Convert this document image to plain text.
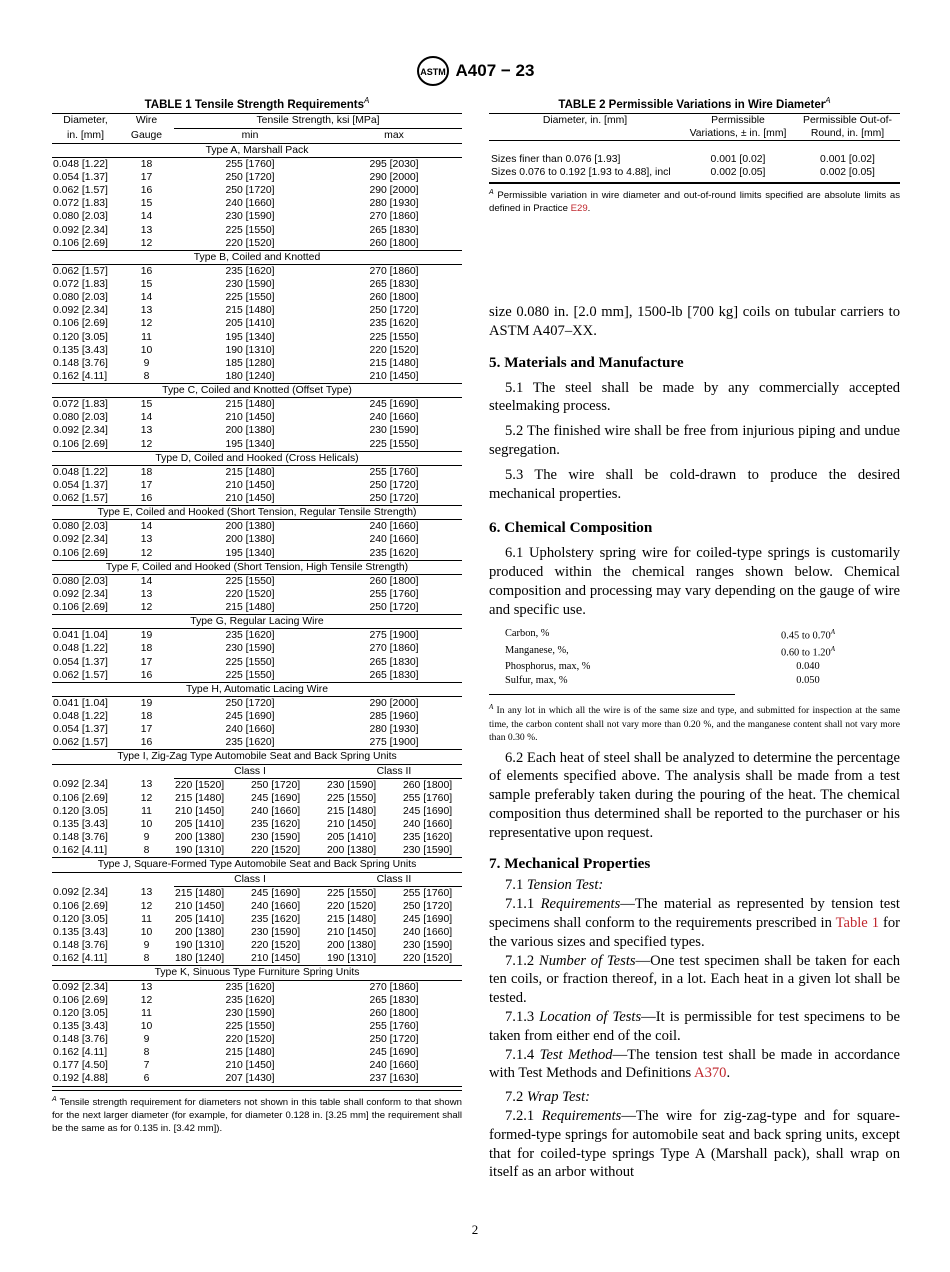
ASTM A407 − 23
TABLE 1 Tensile Strength Requirements$^A$
Diameter,	Wire	Tensile Strength, ksi [MPa]			
in. [mm]	Gauge	min		max	
Type A, Marshall Pack					
0.048 [1.22]	18	255 [1760]		295 [2030]	
0.054 [1.37]	17	250 [1720]		290 [2000]	
0.062 [1.57]	16	250 [1720]		290 [2000]	
0.072 [1.83]	15	240 [1660]		280 [1930]	
0.080 [2.03]	14	230 [1590]		270 [1860]	
0.092 [2.34]	13	225 [1550]		265 [1830]	
0.106 [2.69]	12	220 [1520]		260 [1800]	
Type B, Coiled and Knotted					
0.062 [1.57]	16	235 [1620]		270 [1860]	
0.072 [1.83]	15	230 [1590]		265 [1830]	
0.080 [2.03]	14	225 [1550]		260 [1800]	
0.092 [2.34]	13	215 [1480]		250 [1720]	
0.106 [2.69]	12	205 [1410]		235 [1620]	
0.120 [3.05]	11	195 [1340]		225 [1550]	
0.135 [3.43]	10	190 [1310]		220 [1520]	
0.148 [3.76]	9	185 [1280]		215 [1480]	
0.162 [4.11]	8	180 [1240]		210 [1450]	
Type C, Coiled and Knotted (Offset Type)					
0.072 [1.83]	15	215 [1480]		245 [1690]	
0.080 [2.03]	14	210 [1450]		240 [1660]	
0.092 [2.34]	13	200 [1380]		230 [1590]	
0.106 [2.69]	12	195 [1340]		225 [1550]	
Type D, Coiled and Hooked (Cross Helicals)					
0.048 [1.22]	18	215 [1480]		255 [1760]	
0.054 [1.37]	17	210 [1450]		250 [1720]	
0.062 [1.57]	16	210 [1450]		250 [1720]	
Type E, Coiled and Hooked (Short Tension, Regular Tensile Strength)					
0.080 [2.03]	14	200 [1380]		240 [1660]	
0.092 [2.34]	13	200 [1380]		240 [1660]	
0.106 [2.69]	12	195 [1340]		235 [1620]	
Type F, Coiled and Hooked (Short Tension, High Tensile Strength)					
0.080 [2.03]	14	225 [1550]		260 [1800]	
0.092 [2.34]	13	220 [1520]		255 [1760]	
0.106 [2.69]	12	215 [1480]		250 [1720]	
Type G, Regular Lacing Wire					
0.041 [1.04]	19	235 [1620]		275 [1900]	
0.048 [1.22]	18	230 [1590]		270 [1860]	
0.054 [1.37]	17	225 [1550]		265 [1830]	
0.062 [1.57]	16	225 [1550]		265 [1830]	
Type H, Automatic Lacing Wire					
0.041 [1.04]	19	250 [1720]		290 [2000]	
0.048 [1.22]	18	245 [1690]		285 [1960]	
0.054 [1.37]	17	240 [1660]		280 [1930]	
0.062 [1.57]	16	235 [1620]		275 [1900]	
Type I, Zig-Zag Type Automobile Seat and Back Spring Units					
		Class I		Class II	
0.092 [2.34]	13	220 [1520]	250 [1720]	230 [1590]	260 [1800]
0.106 [2.69]	12	215 [1480]	245 [1690]	225 [1550]	255 [1760]
0.120 [3.05]	11	210 [1450]	240 [1660]	215 [1480]	245 [1690]
0.135 [3.43]	10	205 [1410]	235 [1620]	210 [1450]	240 [1660]
0.148 [3.76]	9	200 [1380]	230 [1590]	205 [1410]	235 [1620]
0.162 [4.11]	8	190 [1310]	220 [1520]	200 [1380]	230 [1590]
Type J, Square-Formed Type Automobile Seat and Back Spring Units					
		Class I		Class II	
0.092 [2.34]	13	215 [1480]	245 [1690]	225 [1550]	255 [1760]
0.106 [2.69]	12	210 [1450]	240 [1660]	220 [1520]	250 [1720]
0.120 [3.05]	11	205 [1410]	235 [1620]	215 [1480]	245 [1690]
0.135 [3.43]	10	200 [1380]	230 [1590]	210 [1450]	240 [1660]
0.148 [3.76]	9	190 [1310]	220 [1520]	200 [1380]	230 [1590]
0.162 [4.11]	8	180 [1240]	210 [1450]	190 [1310]	220 [1520]
Type K, Sinuous Type Furniture Spring Units					
0.092 [2.34]	13	235 [1620]		270 [1860]	
0.106 [2.69]	12	235 [1620]		265 [1830]	
0.120 [3.05]	11	230 [1590]		260 [1800]	
0.135 [3.43]	10	225 [1550]		255 [1760]	
0.148 [3.76]	9	220 [1520]		250 [1720]	
0.162 [4.11]	8	215 [1480]		245 [1690]	
0.177 [4.50]	7	210 [1450]		240 [1660]	
0.192 [4.88]	6	207 [1430]		237 [1630]	
$^A$ Tensile strength requirement for diameters not shown in this table shall conform to that shown for the next larger diameter (for example, for diameter 0.128 in. [3.25 mm] the requirement shall be the same as for 0.135 in. [3.42 mm]).
TABLE 2 Permissible Variations in Wire Diameter$^A$
Diameter, in. [mm]	Permissible
Variations, ± in. [mm]	Permissible Out-of-
Round, in. [mm]

Sizes finer than 0.076 [1.93]	0.001 [0.02]	0.001 [0.02]
Sizes 0.076 to 0.192 [1.93 to 4.88], incl	0.002 [0.05]	0.002 [0.05]
$^A$ Permissible variation in wire diameter and out-of-round limits specified are absolute limits as defined in Practice E29.

size 0.080 in. [2.0 mm], 1500-lb [700 kg] coils on tubular carriers to ASTM A407–XX.

5. Materials and Manufacture

5.1 The steel shall be made by any commercially accepted steelmaking process.

5.2 The finished wire shall be free from injurious piping and undue segregation.

5.3 The wire shall be cold-drawn to produce the desired mechanical properties.

6. Chemical Composition

6.1 Upholstery spring wire for coiled-type springs is customarily produced within the chemical ranges shown below. Chemical composition and processing may vary depending on the gauge of wire and specific use.

Carbon, %	0.45 to $0.70^A$
Manganese, %,	0.60 to $1.20^A$
Phosphorus, max, %	0.040
Sulfur, max, %	0.050
$^A$ In any lot in which all the wire is of the same size and type, and submitted for inspection at the same time, the carbon content shall not vary more than 0.20 %, and the manganese content shall not vary more than 0.30 %.

6.2 Each heat of steel shall be analyzed to determine the percentage of elements specified above. The analysis shall be made from a test sample preferably taken during the pouring of the heat. The chemical composition thus determined shall be reported to the purchaser or his representative upon request.

7. Mechanical Properties

7.1 Tension Test:

7.1.1 Requirements—The material as represented by tension test specimens shall conform to the requirements prescribed in Table 1 for the various sizes and specified types.

7.1.2 Number of Tests—One test specimen shall be taken for each ten coils, or fraction thereof, in a lot. Each heat in a given lot shall be tested.

7.1.3 Location of Tests—It is permissible for test specimens to be taken from either end of the coil.

7.1.4 Test Method—The tension test shall be made in accordance with Test Methods and Definitions A370.

7.2 Wrap Test:

7.2.1 Requirements—The wire for zig-zag-type and for square-formed-type springs for automobile seat and back spring units, except that for coiled-type springs Type A (Marshall pack), shall wrap on itself as an arbor without

2
